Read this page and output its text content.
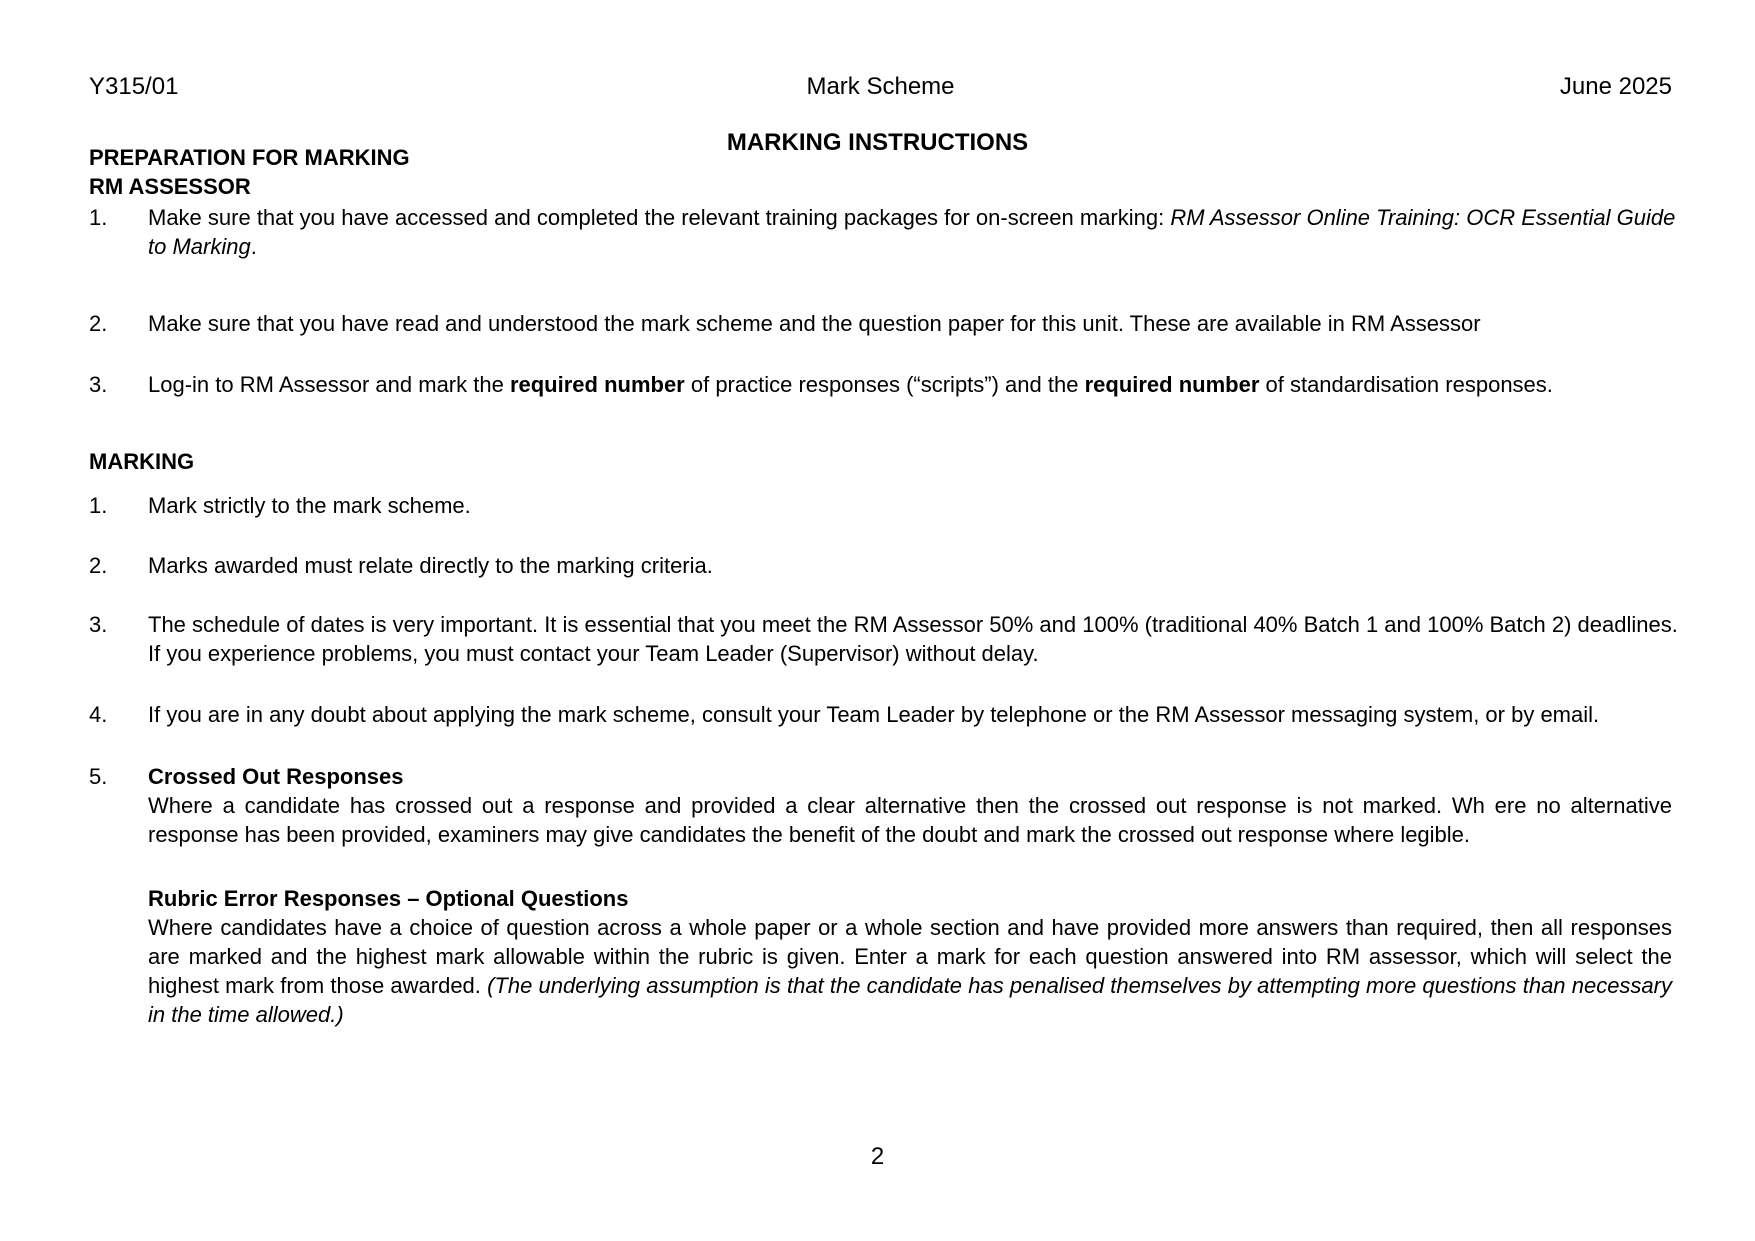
Y315/01	Mark Scheme	June 2025
MARKING INSTRUCTIONS
PREPARATION FOR MARKING
RM ASSESSOR
1. Make sure that you have accessed and completed the relevant training packages for on-screen marking: RM Assessor Online Training: OCR Essential Guide to Marking.
2. Make sure that you have read and understood the mark scheme and the question paper for this unit. These are available in RM Assessor
3. Log-in to RM Assessor and mark the required number of practice responses (“scripts”) and the required number of standardisation responses.
MARKING
1. Mark strictly to the mark scheme.
2. Marks awarded must relate directly to the marking criteria.
3. The schedule of dates is very important. It is essential that you meet the RM Assessor 50% and 100% (traditional 40% Batch 1 and 100% Batch 2) deadlines. If you experience problems, you must contact your Team Leader (Supervisor) without delay.
4. If you are in any doubt about applying the mark scheme, consult your Team Leader by telephone or the RM Assessor messaging system, or by email.
5. Crossed Out Responses
Where a candidate has crossed out a response and provided a clear alternative then the crossed out response is not marked. Wh ere no alternative response has been provided, examiners may give candidates the benefit of the doubt and mark the crossed out response where legible.
Rubric Error Responses – Optional Questions
Where candidates have a choice of question across a whole paper or a whole section and have provided more answers than required, then all responses are marked and the highest mark allowable within the rubric is given. Enter a mark for each question answered into RM assessor, which will select the highest mark from those awarded. (The underlying assumption is that the candidate has penalised themselves by attempting more questions than necessary in the time allowed.)
2
